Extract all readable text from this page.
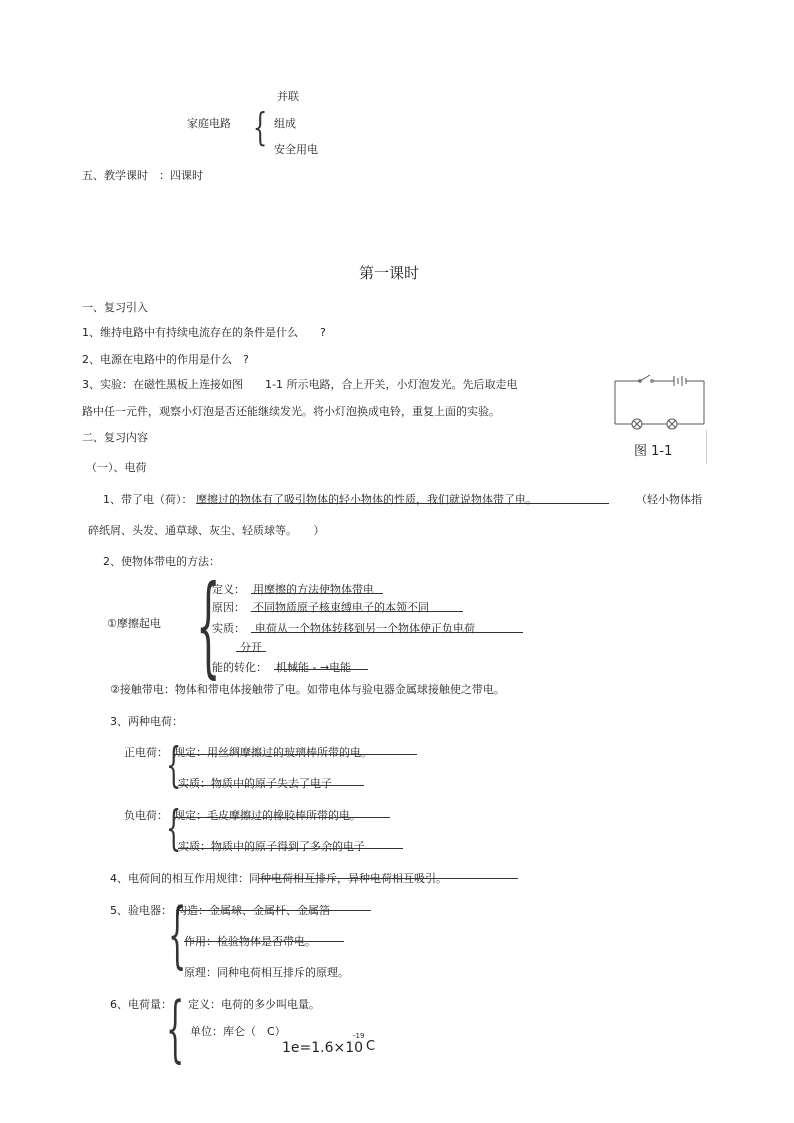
并联
家庭电路 { 组成
安全用电
五、教学课时　：四课时
第一课时
一、复习引入
1、维持电路中有持续电流存在的条件是什么　　?
2、电源在电路中的作用是什么　?
3、实验：在磁性黑板上连接如图　　1-1 所示电路，合上开关，小灯泡发光。先后取走电
路中任一元件，观察小灯泡是否还能继续发光。将小灯泡换成电铃，重复上面的实验。
图 1-1
二、复习内容
（一）、电荷
1、带了电（荷）： 摩擦过的物体有了吸引物体的轻小物体的性质，我们就说物体带了电。	（轻小物体指
碎纸屑、头发、通草球、灰尘、轻质球等。　　）
2、使物体带电的方法：
①摩擦起电 {
定义： 用摩擦的方法使物体带电
原因： 不同物质原子核束缚电子的本领不同
实质： 电荷从一个物体转移到另一个物体使正负电荷
分开
能的转化： 机械能 - →电能
②接触带电：物体和带电体接触带了电。如带电体与验电器金属球接触使之带电。
3、两种电荷：
正电荷：
{
规定：用丝绸摩擦过的玻璃棒所带的电。
实质：物质中的原子失去了电子
负电荷：
{
规定：毛皮摩擦过的橡胶棒所带的电。
实质：物质中的原子得到了多余的电子
4、电荷间的相互作用规律：同种电荷相互排斥，异种电荷相互吸引。
5、验电器：
{
构造：金属球、金属杆、金属箔
作用：检验物体是否带电。
原理：同种电荷相互排斥的原理。
6、电荷量：
{ 定义：电荷的多少叫电量。
单位：库仑（　C）
1e=1.6×10
-19
C
